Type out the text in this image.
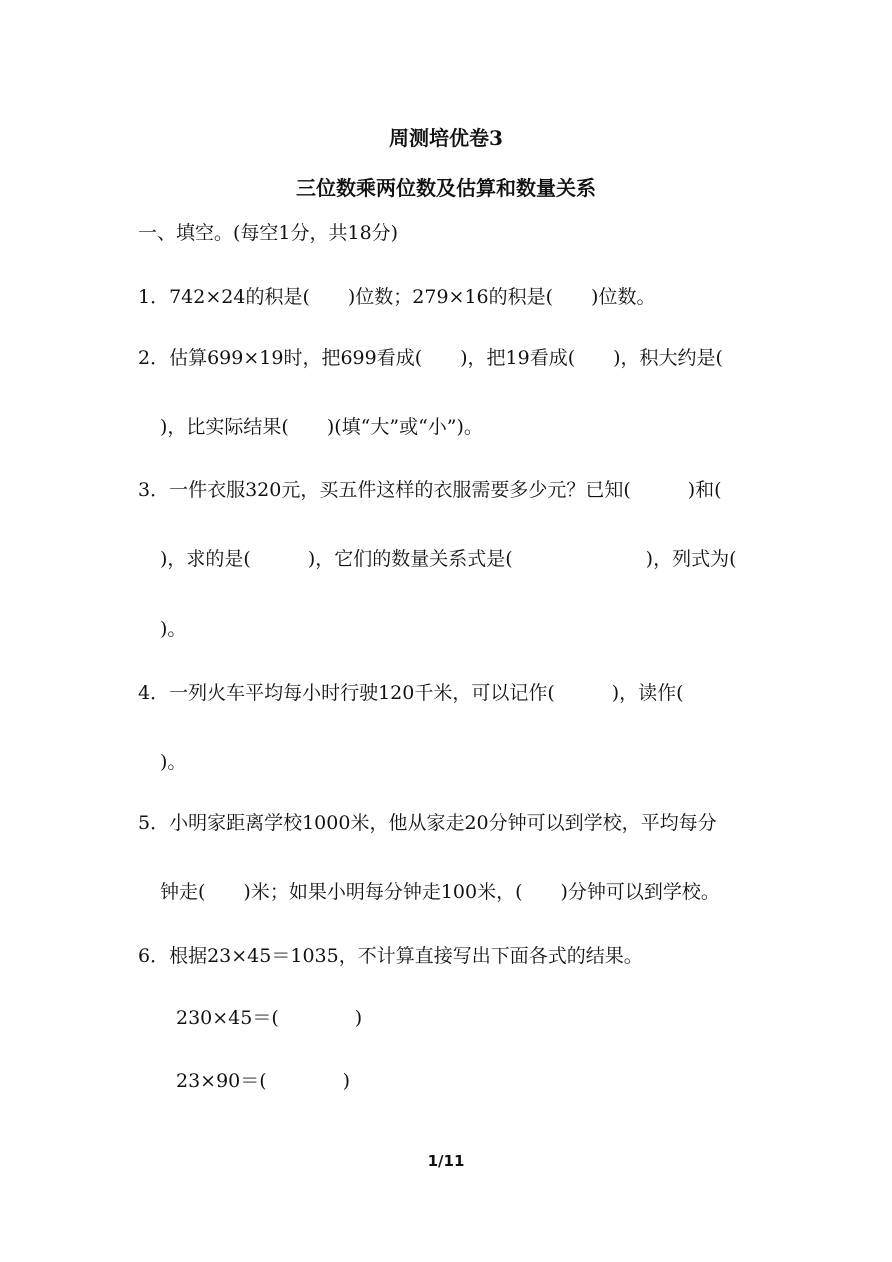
周测培优卷3
三位数乘两位数及估算和数量关系
一、填空。(每空1分，共18分)
1．742×24的积是(　　)位数；279×16的积是(　　)位数。
2．估算699×19时，把699看成(　　)，把19看成(　　)，积大约是(
)，比实际结果(　　)(填“大”或“小”)。
3．一件衣服320元，买五件这样的衣服需要多少元？已知(　　　)和(
)，求的是(　　　)，它们的数量关系式是(　　　　　　　)，列式为(
)。
4．一列火车平均每小时行驶120千米，可以记作(　　　)，读作(
)。
5．小明家距离学校1000米，他从家走20分钟可以到学校，平均每分
钟走(　　)米；如果小明每分钟走100米，(　　)分钟可以到学校。
6．根据23×45＝1035，不计算直接写出下面各式的结果。
230×45＝(　　　　)
23×90＝(　　　　)
1/11
